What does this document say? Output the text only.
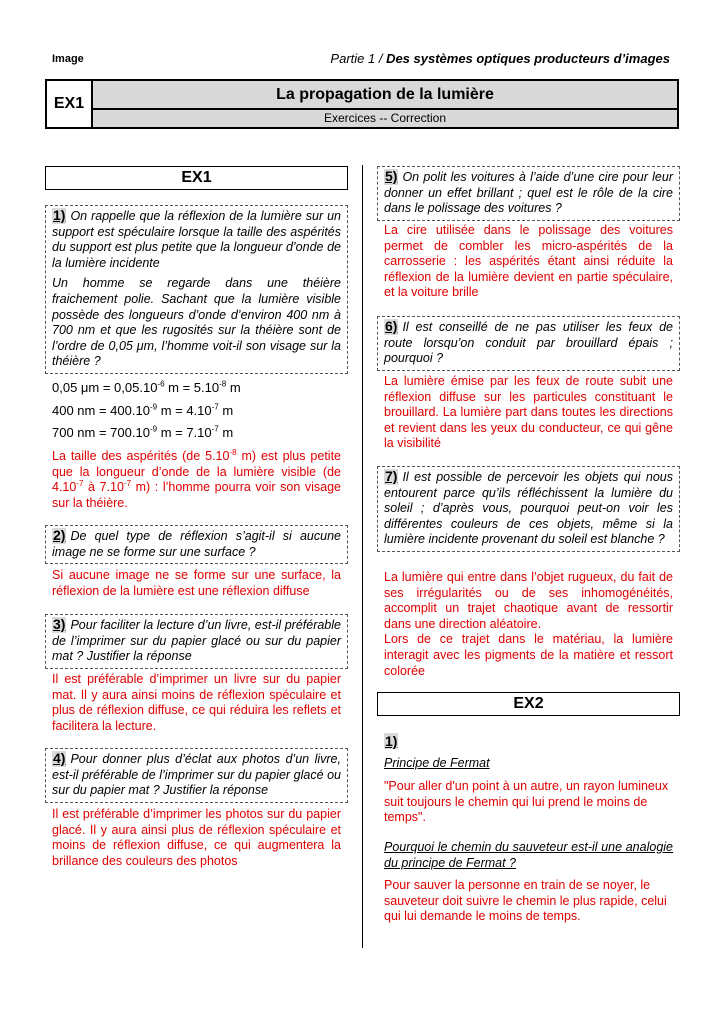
Image	Partie 1 / Des systèmes optiques producteurs d’images
EX1
La propagation de la lumière
Exercices -- Correction
EX1

1) On rappelle que la réflexion de la lumière sur un support est spéculaire lorsque la taille des aspérités du support est plus petite que la longueur d’onde de la lumière incidente

Un homme se regarde dans une théière fraichement polie. Sachant que la lumière visible possède des longueurs d’onde d’environ 400 nm à 700 nm et que les rugosités sur la théière sont de l’ordre de 0,05 μm, l’homme voit-il son visage sur la théière ?

0,05 $\mu m = 0,05.10^{-6}$ $m = 5.10^{-8}$ m

400 nm = $400.10^{-9}$ $m = 4.10^{-7}$ m

700 nm = $700.10^{-9}$ $m = 7.10^{-7}$ m

La taille des aspérités (de $5.10^{-8}$ m) est plus petite que la longueur d’onde de la lumière visible (de $4.10^{-7}$ à $7.10^{-7}$ m) : l’homme pourra voir son visage sur la théière.

2) De quel type de réflexion s’agit-il si aucune image ne se forme sur une surface ?

Si aucune image ne se forme sur une surface, la réflexion de la lumière est une réflexion diffuse

3) Pour faciliter la lecture d’un livre, est-il préférable de l’imprimer sur du papier glacé ou sur du papier mat ? Justifier la réponse

Il est préférable d’imprimer un livre sur du papier mat. Il y aura ainsi moins de réflexion spéculaire et plus de réflexion diffuse, ce qui réduira les reflets et facilitera la lecture.

4) Pour donner plus d’éclat aux photos d’un livre, est-il préférable de l’imprimer sur du papier glacé ou sur du papier mat ? Justifier la réponse

Il est préférable d’imprimer les photos sur du papier glacé. Il y aura ainsi plus de réflexion spéculaire et moins de réflexion diffuse, ce qui augmentera la brillance des couleurs des photos

5) On polit les voitures à l’aide d’une cire pour leur donner un effet brillant ; quel est le rôle de la cire dans le polissage des voitures ?

La cire utilisée dans le polissage des voitures permet de combler les micro-aspérités de la carrosserie : les aspérités étant ainsi réduite la réflexion de la lumière devient en partie spéculaire, et la voiture brille

6) Il est conseillé de ne pas utiliser les feux de route lorsqu’on conduit par brouillard épais ; pourquoi ?

La lumière émise par les feux de route subit une réflexion diffuse sur les particules constituant le brouillard. La lumière part dans toutes les directions et revient dans les yeux du conducteur, ce qui gêne la visibilité

7) Il est possible de percevoir les objets qui nous entourent parce qu’ils réfléchissent la lumière du soleil ; d’après vous, pourquoi peut-on voir les différentes couleurs de ces objets, même si la lumière incidente provenant du soleil est blanche ?

La lumière qui entre dans l’objet rugueux, du fait de ses irrégularités ou de ses inhomogénéités, accomplit un trajet chaotique avant de ressortir dans une direction aléatoire.

Lors de ce trajet dans le matériau, la lumière interagit avec les pigments de la matière et ressort colorée

EX2
1)
Principe de Fermat
"Pour aller d'un point à un autre, un rayon lumineux suit toujours le chemin qui lui prend le moins de temps".
Pourquoi le chemin du sauveteur est-il une analogie du principe de Fermat ?
Pour sauver la personne en train de se noyer, le sauveteur doit suivre le chemin le plus rapide, celui qui lui demande le moins de temps.
